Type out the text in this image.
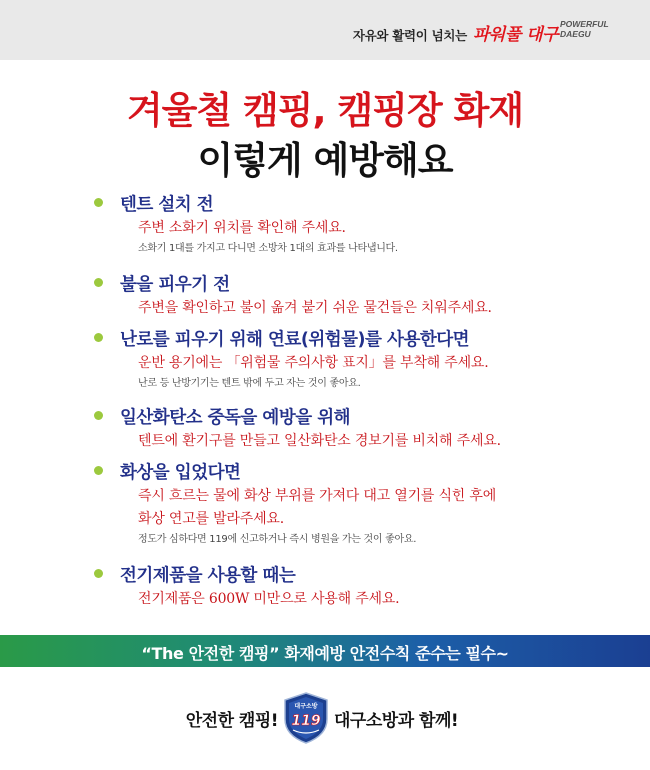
자유와 활력이 넘치는 파워풀 대구
POWERFUL
DAEGU
겨울철 캠핑, 캠핑장 화재
이렇게 예방해요
텐트 설치 전
주변 소화기 위치를 확인해 주세요.
소화기 1대를 가지고 다니면 소방차 1대의 효과를 나타냅니다.
불을 피우기 전
주변을 확인하고 불이 옮겨 붙기 쉬운 물건들은 치워주세요.
난로를 피우기 위해 연료(위험물)를 사용한다면
운반 용기에는 「위험물 주의사항 표지」를 부착해 주세요.
난로 등 난방기기는 텐트 밖에 두고 자는 것이 좋아요.
일산화탄소 중독을 예방을 위해
텐트에 환기구를 만들고 일산화탄소 경보기를 비치해 주세요.
화상을 입었다면
즉시 흐르는 물에 화상 부위를 가져다 대고 열기를 식힌 후에
화상 연고를 발라주세요.
정도가 심하다면 119에 신고하거나 즉시 병원을 가는 것이 좋아요.
전기제품을 사용할 때는
전기제품은 600W 미만으로 사용해 주세요.
“The 안전한 캠핑” 화재예방 안전수칙 준수는 필수~
안전한 캠핑!
대구소방
119 대구소방과 함께!
